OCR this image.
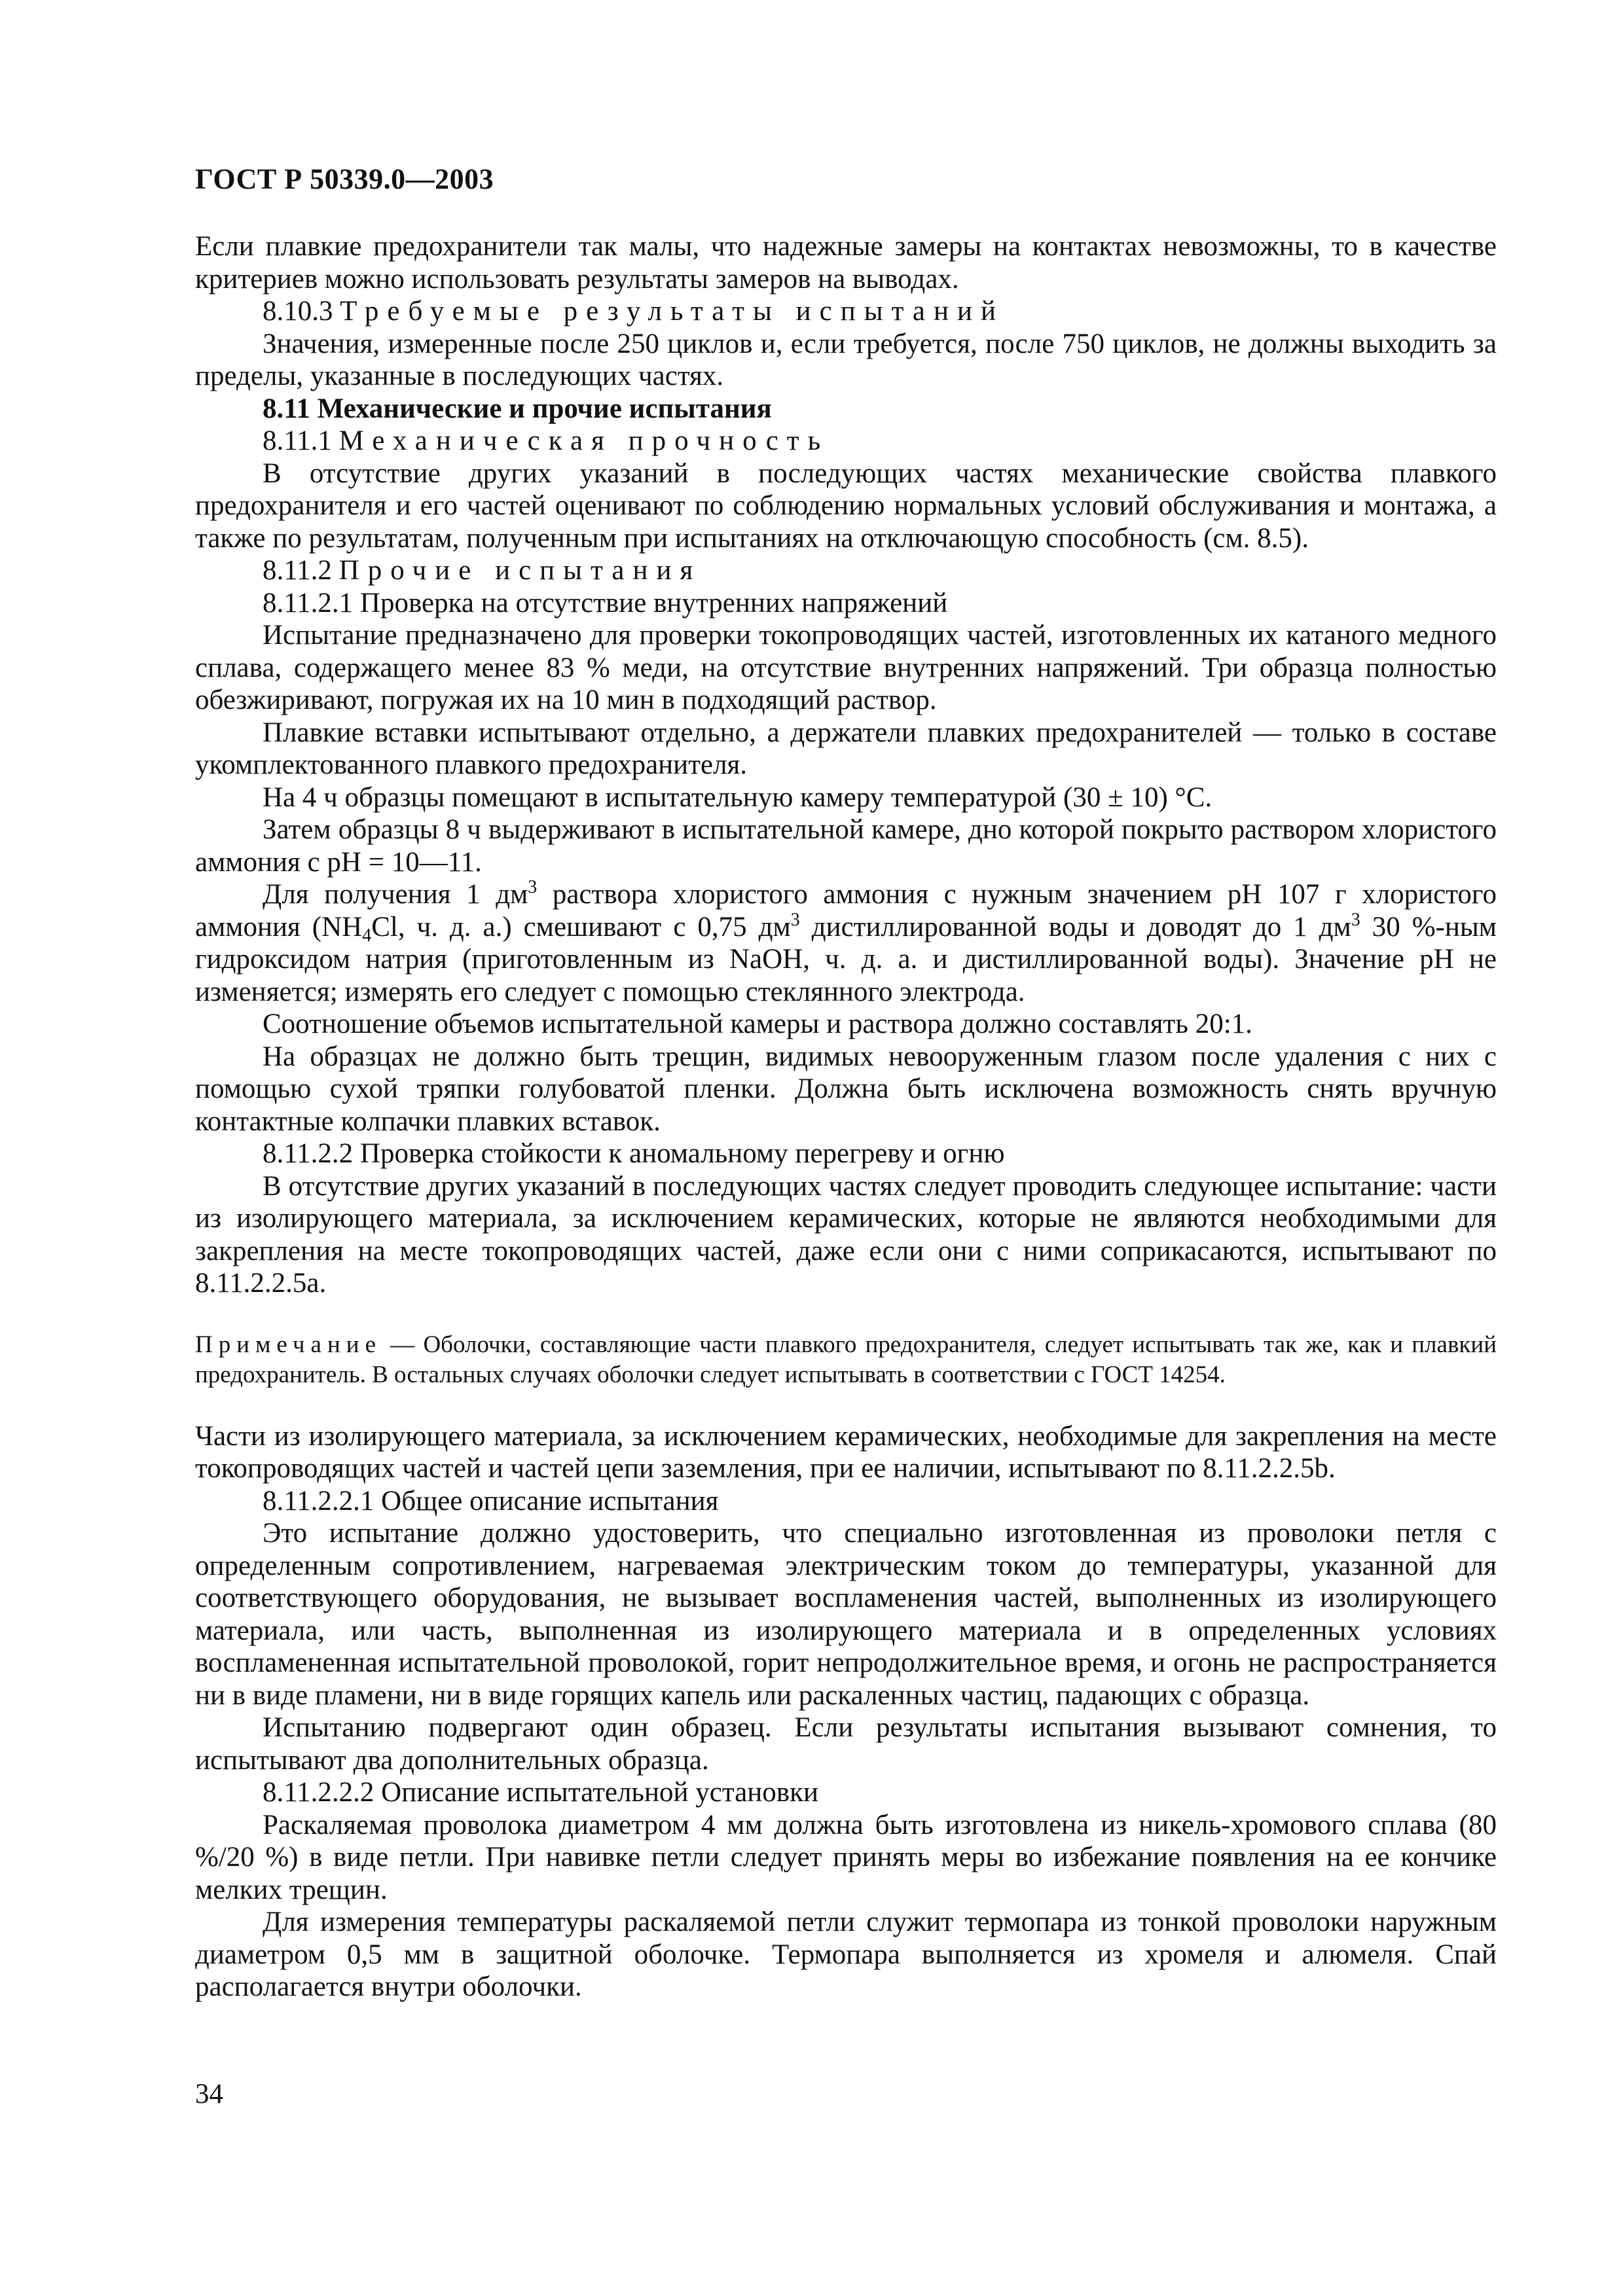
ГОСТ Р 50339.0—2003

Если плавкие предохранители так малы, что надежные замеры на контактах невозможны, то в качестве критериев можно использовать результаты замеров на выводах.

8.10.3 Требуемые результаты испытаний

Значения, измеренные после 250 циклов и, если требуется, после 750 циклов, не должны выходить за пределы, указанные в последующих частях.

8.11 Механические и прочие испытания

8.11.1 Механическая прочность

В отсутствие других указаний в последующих частях механические свойства плавкого предохранителя и его частей оценивают по соблюдению нормальных условий обслуживания и монтажа, а также по результатам, полученным при испытаниях на отключающую способность (см. 8.5).

8.11.2 Прочие испытания

8.11.2.1 Проверка на отсутствие внутренних напряжений

Испытание предназначено для проверки токопроводящих частей, изготовленных их катаного медного сплава, содержащего менее 83 % меди, на отсутствие внутренних напряжений. Три образца полностью обезжиривают, погружая их на 10 мин в подходящий раствор.

Плавкие вставки испытывают отдельно, а держатели плавких предохранителей — только в составе укомплектованного плавкого предохранителя.

На 4 ч образцы помещают в испытательную камеру температурой (30 ± 10) °С.

Затем образцы 8 ч выдерживают в испытательной камере, дно которой покрыто раствором хлористого аммония с рН = 10—11.

Для получения 1 $дм^3$ раствора хлористого аммония с нужным значением рН 107 г хлористого аммония ($NH_4Cl$, ч. д. а.) смешивают с 0,75 $дм^3$ дистиллированной воды и доводят до 1 $дм^3$ 30 %-ным гидроксидом натрия (приготовленным из NaOH, ч. д. а. и дистиллированной воды). Значение рН не изменяется; измерять его следует с помощью стеклянного электрода.

Соотношение объемов испытательной камеры и раствора должно составлять 20:1.

На образцах не должно быть трещин, видимых невооруженным глазом после удаления с них с помощью сухой тряпки голубоватой пленки. Должна быть исключена возможность снять вручную контактные колпачки плавких вставок.

8.11.2.2 Проверка стойкости к аномальному перегреву и огню

В отсутствие других указаний в последующих частях следует проводить следующее испытание: части из изолирующего материала, за исключением керамических, которые не являются необходимыми для закрепления на месте токопроводящих частей, даже если они с ними соприкасаются, испытывают по 8.11.2.2.5а.

Примечание — Оболочки, составляющие части плавкого предохранителя, следует испытывать так же, как и плавкий предохранитель. В остальных случаях оболочки следует испытывать в соответствии с ГОСТ 14254.

Части из изолирующего материала, за исключением керамических, необходимые для закрепления на месте токопроводящих частей и частей цепи заземления, при ее наличии, испытывают по 8.11.2.2.5b.

8.11.2.2.1 Общее описание испытания

Это испытание должно удостоверить, что специально изготовленная из проволоки петля с определенным сопротивлением, нагреваемая электрическим током до температуры, указанной для соответствующего оборудования, не вызывает воспламенения частей, выполненных из изолирующего материала, или часть, выполненная из изолирующего материала и в определенных условиях воспламененная испытательной проволокой, горит непродолжительное время, и огонь не распространяется ни в виде пламени, ни в виде горящих капель или раскаленных частиц, падающих с образца.

Испытанию подвергают один образец. Если результаты испытания вызывают сомнения, то испытывают два дополнительных образца.

8.11.2.2.2 Описание испытательной установки

Раскаляемая проволока диаметром 4 мм должна быть изготовлена из никель-хромового сплава (80 %/20 %) в виде петли. При навивке петли следует принять меры во избежание появления на ее кончике мелких трещин.

Для измерения температуры раскаляемой петли служит термопара из тонкой проволоки наружным диаметром 0,5 мм в защитной оболочке. Термопара выполняется из хромеля и алюмеля. Спай располагается внутри оболочки.

34
